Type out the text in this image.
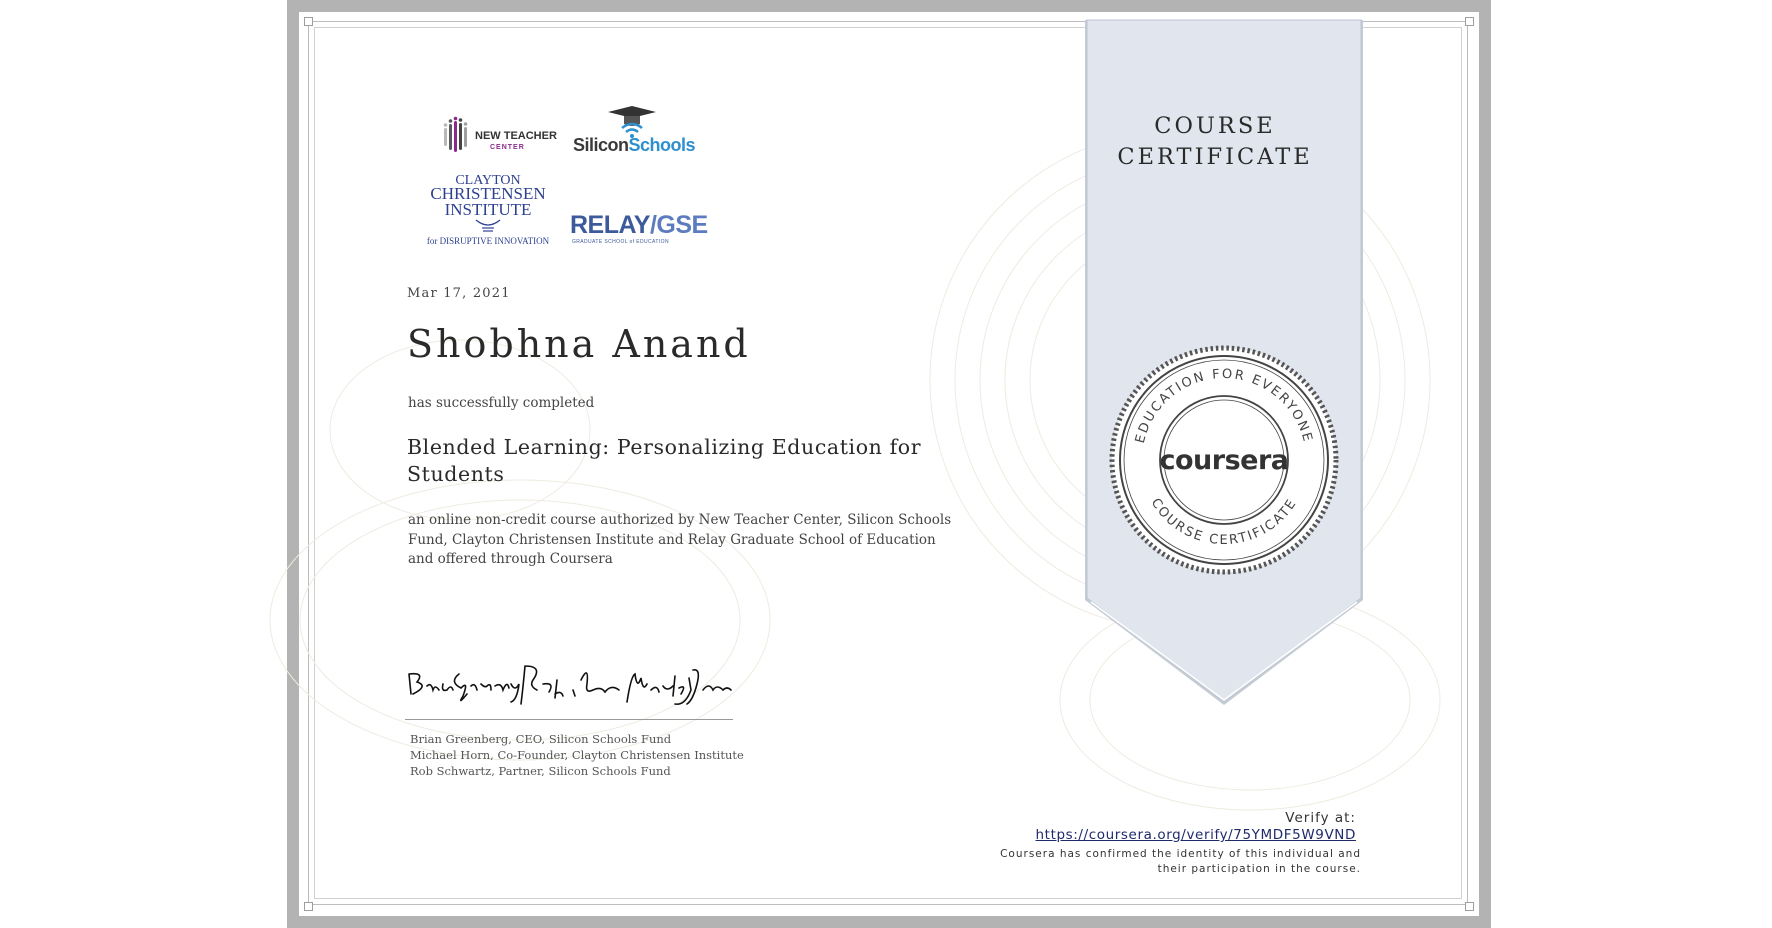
NEW TEACHER
CENTER	SiliconSchools
CLAYTON
CHRISTENSEN
INSTITUTE
for DISRUPTIVE INNOVATION
RELAY/GSE
GRADUATE SCHOOL of EDUCATION
Mar 17, 2021
Shobhna Anand
has successfully completed
Blended Learning: Personalizing Education for Students
an online non-credit course authorized by New Teacher Center, Silicon Schools Fund, Clayton Christensen Institute and Relay Graduate School of Education and offered through Coursera
Brian Greenberg, CEO, Silicon Schools Fund
Michael Horn, Co-Founder, Clayton Christensen Institute
Rob Schwartz, Partner, Silicon Schools Fund
COURSE
CERTIFICATE
EDUCATION FOR EVERYONE
COURSE CERTIFICATE
coursera
Verify at:
https://coursera.org/verify/75YMDF5W9VND
Coursera has confirmed the identity of this individual and
their participation in the course.
